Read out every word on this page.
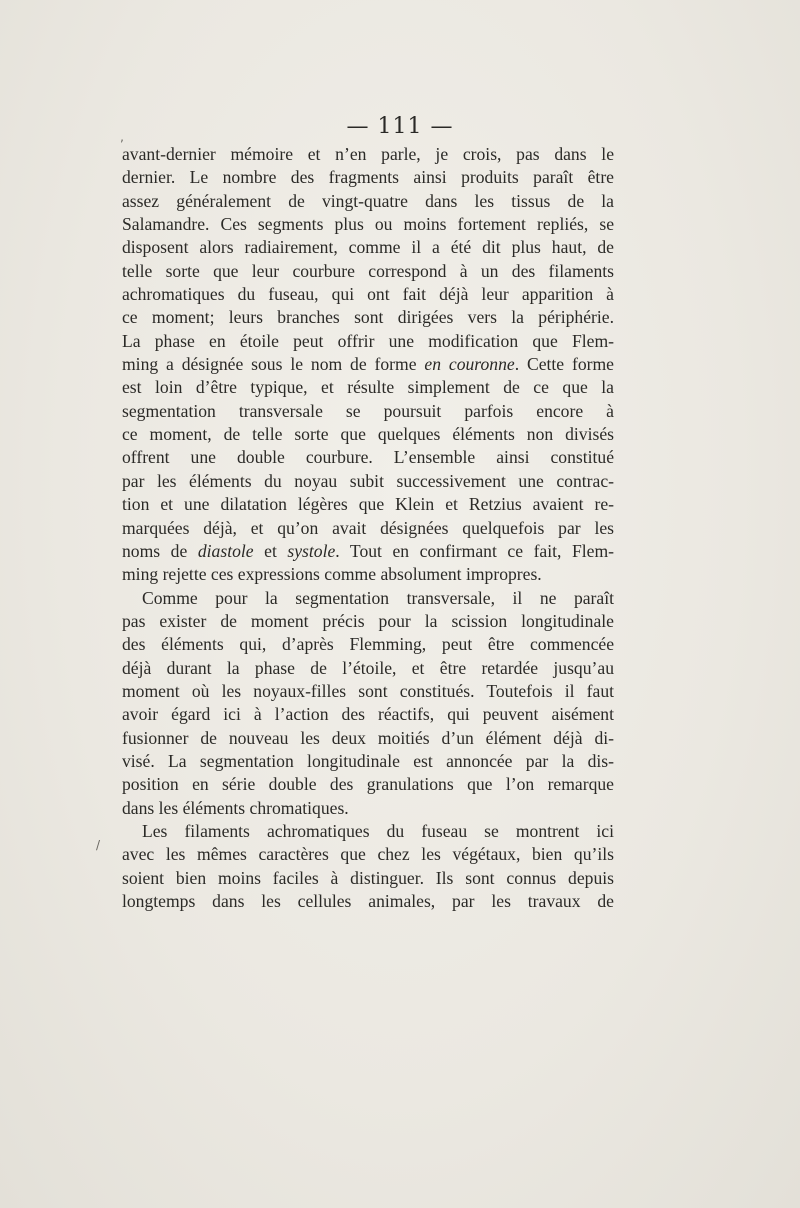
— 111 —
avant-dernier mémoire et n’en parle, je crois, pas dans le
dernier. Le nombre des fragments ainsi produits paraît être
assez généralement de vingt-quatre dans les tissus de la
Salamandre. Ces segments plus ou moins fortement repliés, se
disposent alors radiairement, comme il a été dit plus haut, de
telle sorte que leur courbure correspond à un des filaments
achromatiques du fuseau, qui ont fait déjà leur apparition à
ce moment; leurs branches sont dirigées vers la périphérie.
La phase en étoile peut offrir une modification que Flem-
ming a désignée sous le nom de forme en couronne. Cette forme
est loin d’être typique, et résulte simplement de ce que la
segmentation transversale se poursuit parfois encore à
ce moment, de telle sorte que quelques éléments non divisés
offrent une double courbure. L’ensemble ainsi constitué
par les éléments du noyau subit successivement une contrac-
tion et une dilatation légères que Klein et Retzius avaient re-
marquées déjà, et qu’on avait désignées quelquefois par les
noms de diastole et systole. Tout en confirmant ce fait, Flem-
ming rejette ces expressions comme absolument impropres.
Comme pour la segmentation transversale, il ne paraît
pas exister de moment précis pour la scission longitudinale
des éléments qui, d’après Flemming, peut être commencée
déjà durant la phase de l’étoile, et être retardée jusqu’au
moment où les noyaux-filles sont constitués. Toutefois il faut
avoir égard ici à l’action des réactifs, qui peuvent aisément
fusionner de nouveau les deux moitiés d’un élément déjà di-
visé. La segmentation longitudinale est annoncée par la dis-
position en série double des granulations que l’on remarque
dans les éléments chromatiques.
Les filaments achromatiques du fuseau se montrent ici
avec les mêmes caractères que chez les végétaux, bien qu’ils
soient bien moins faciles à distinguer. Ils sont connus depuis
longtemps dans les cellules animales, par les travaux de
‚
/
